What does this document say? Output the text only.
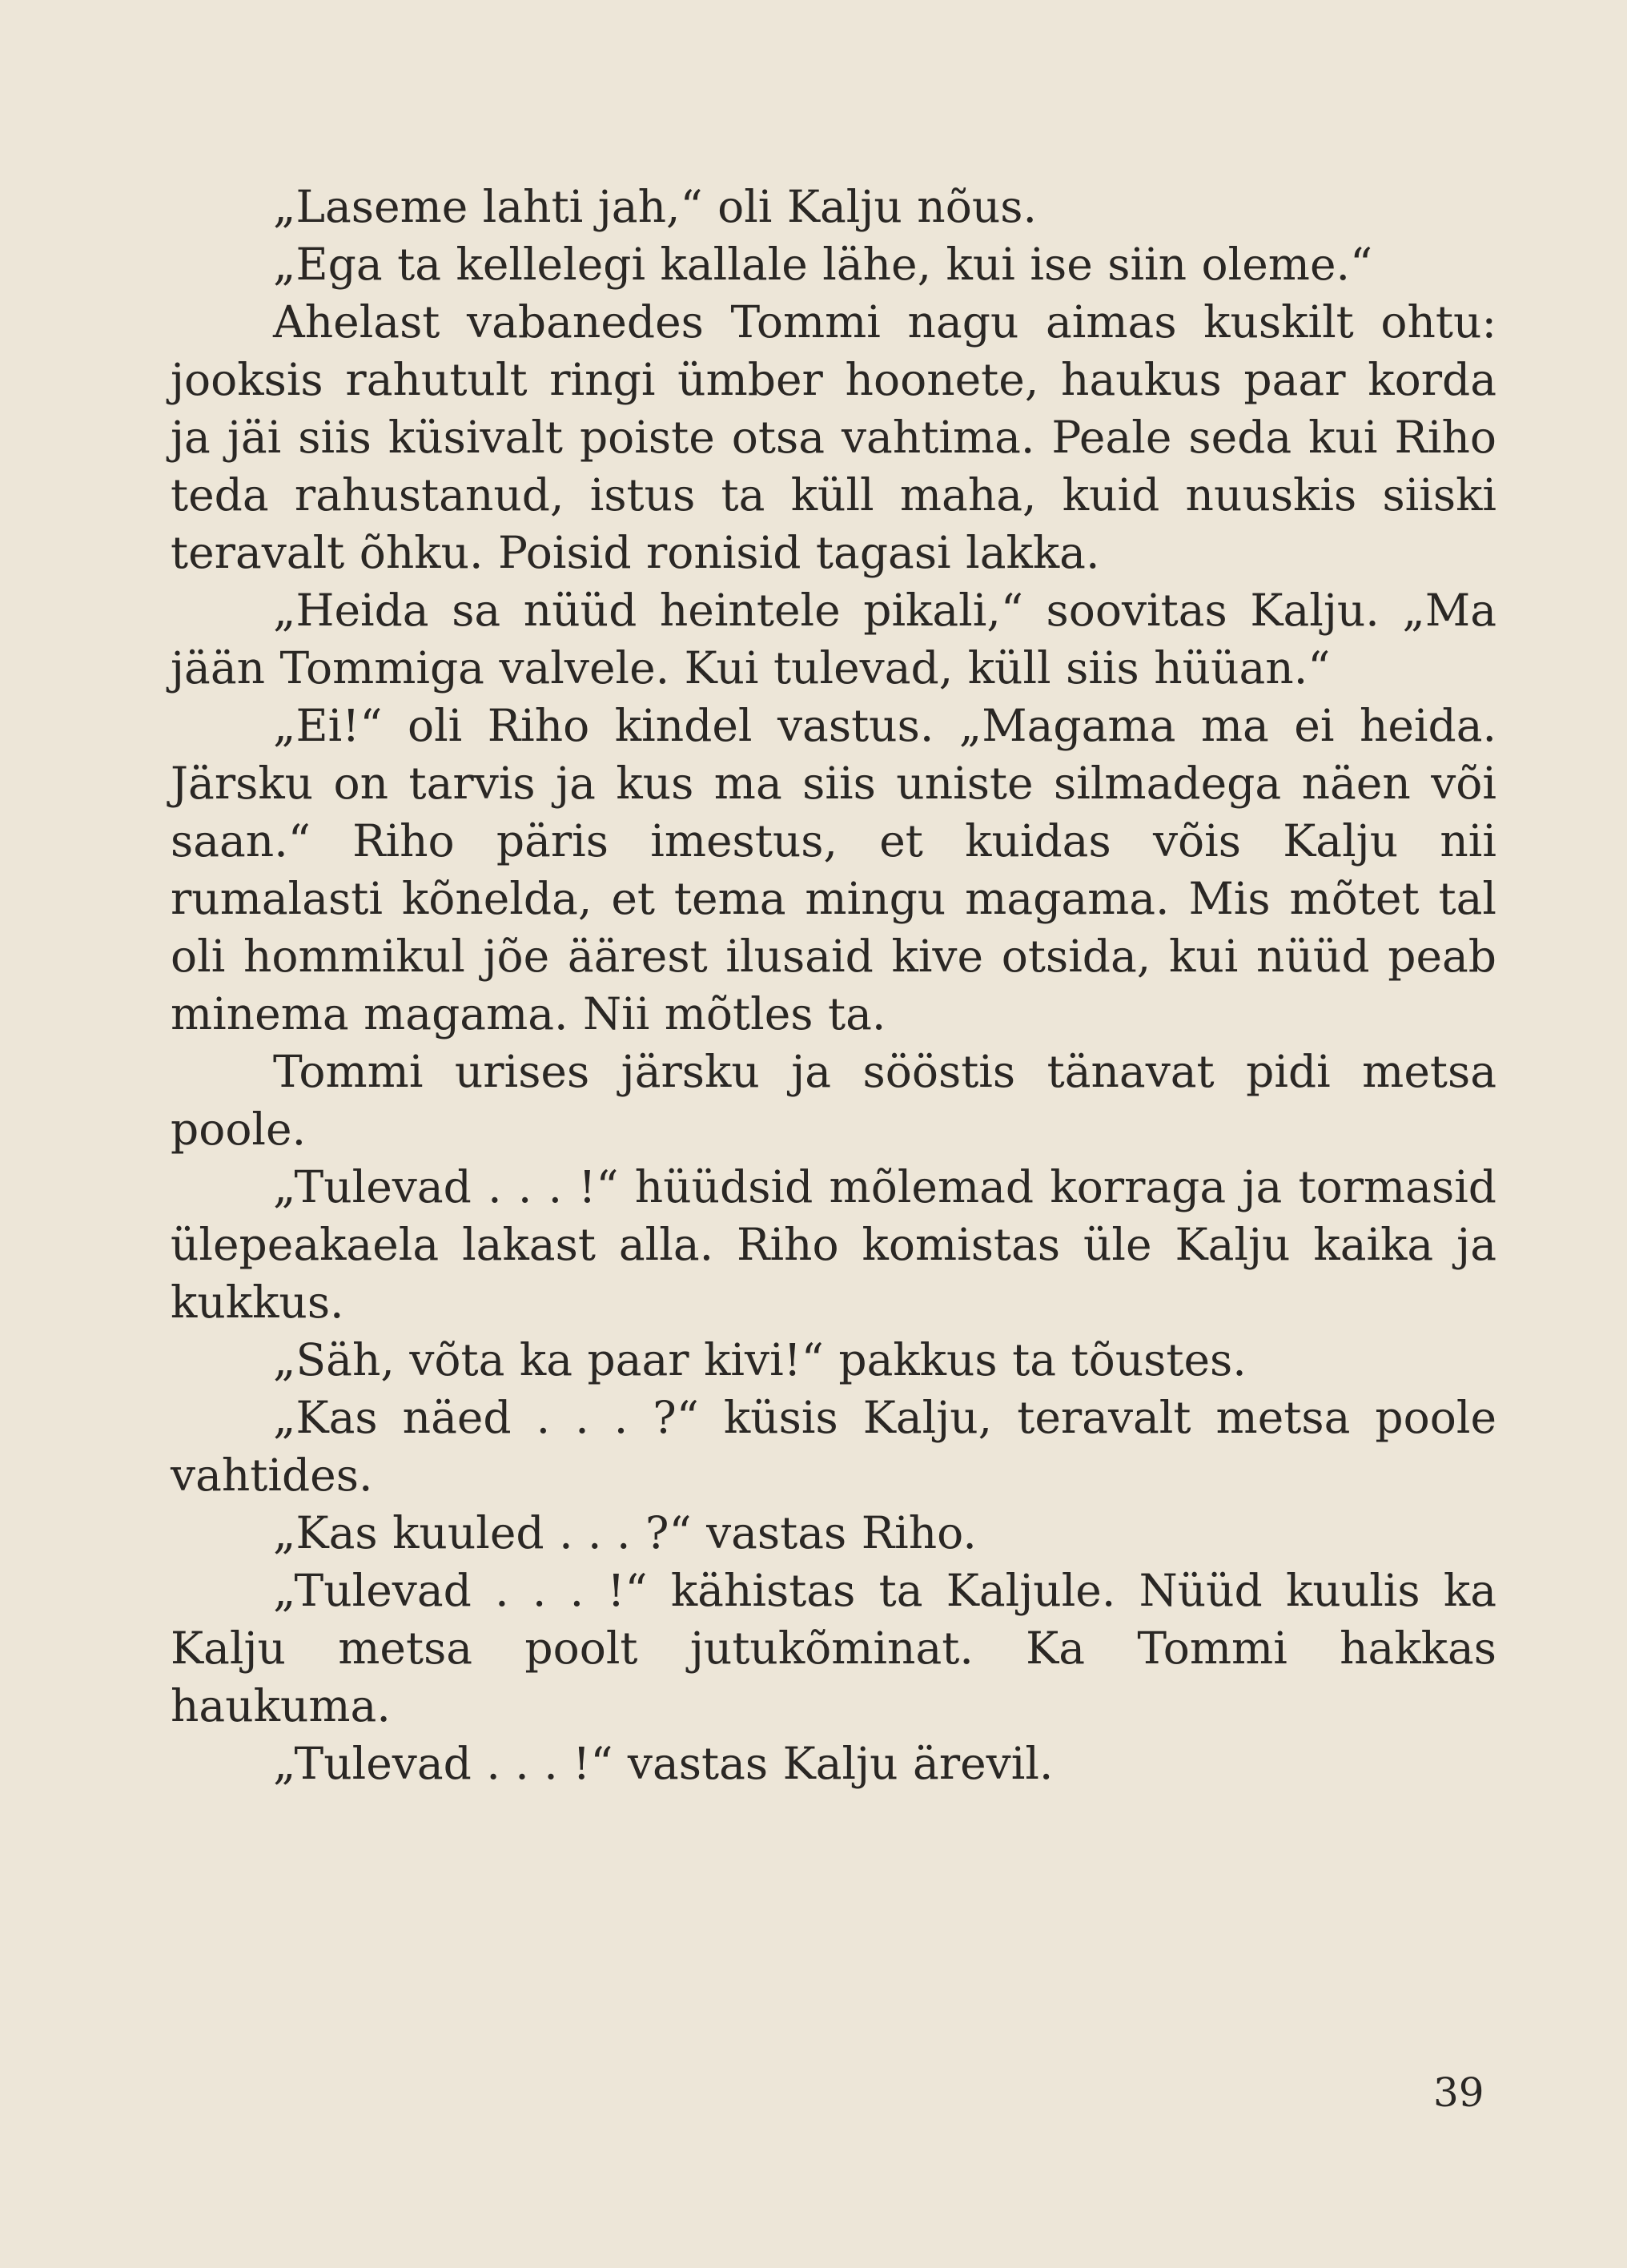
„Laseme lahti jah,“ oli Kalju nõus.

„Ega ta kellelegi kallale lähe, kui ise siin oleme.“

Ahelast vabanedes Tommi nagu aimas kuskilt ohtu: jooksis rahutult ringi ümber hoonete, haukus paar korda ja jäi siis küsivalt poiste otsa vahtima. Peale seda kui Riho teda rahustanud, istus ta küll maha, kuid nuuskis siiski teravalt õhku. Poisid ronisid tagasi lakka.

„Heida sa nüüd heintele pikali,“ soovitas Kalju. „Ma jään Tommiga valvele. Kui tulevad, küll siis hüüan.“

„Ei!“ oli Riho kindel vastus. „Magama ma ei heida. Järsku on tarvis ja kus ma siis uniste silmadega näen või saan.“ Riho päris imestus, et kuidas võis Kalju nii rumalasti kõnelda, et tema mingu magama. Mis mõtet tal oli hommikul jõe äärest ilusaid kive otsida, kui nüüd peab minema magama. Nii mõtles ta.

Tommi urises järsku ja sööstis tänavat pidi metsa poole.

„Tulevad . . . !“ hüüdsid mõlemad korraga ja tormasid ülepeakaela lakast alla. Riho komistas üle Kalju kaika ja kukkus.

„Säh, võta ka paar kivi!“ pakkus ta tõustes.

„Kas näed . . . ?“ küsis Kalju, teravalt metsa poole vahtides.

„Kas kuuled . . . ?“ vastas Riho.

„Tulevad . . . !“ kähistas ta Kaljule. Nüüd kuulis ka Kalju metsa poolt jutukõminat. Ka Tommi hakkas haukuma.

„Tulevad . . . !“ vastas Kalju ärevil.

39
